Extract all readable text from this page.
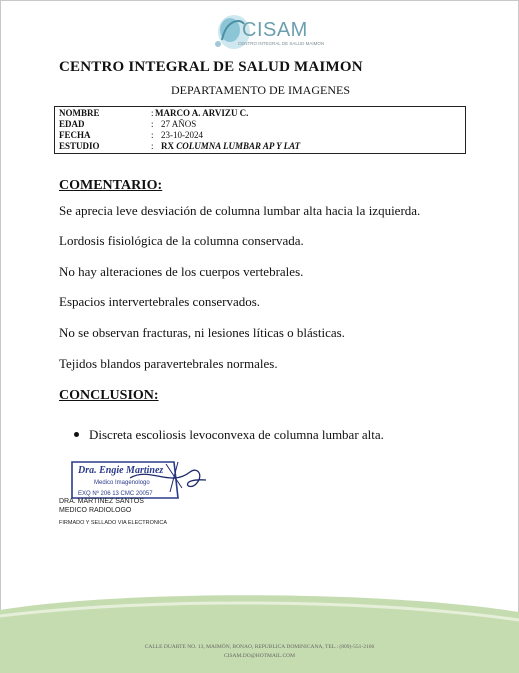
CISAM
CENTRO INTEGRAL DE SALUD MAIMON
CENTRO INTEGRAL DE SALUD MAIMON
DEPARTAMENTO DE IMAGENES
NOMBRE	: MARCO A. ARVIZU C.
EDAD	: 27 AÑOS
FECHA	: 23-10-2024
ESTUDIO	: RX COLUMNA LUMBAR AP Y LAT
COMENTARIO:
Se aprecia leve desviación de columna lumbar alta hacia la izquierda.
Lordosis fisiológica de la columna conservada.
No hay alteraciones de los cuerpos vertebrales.
Espacios intervertebrales conservados.
No se observan fracturas, ni lesiones líticas o blásticas.
Tejidos blandos paravertebrales normales.
CONCLUSION:
Discreta escoliosis levoconvexa de columna lumbar alta.
Dra. Engie Martinez
Medico Imagenologo
EXQ Nº 206 13 CMC 20057
DRA. MARTINEZ SANTOS
MEDICO RADIOLOGO
FIRMADO Y SELLADO VIA ELECTRONICA
CALLE DUARTE NO. 13, MAIMÓN, BONAO, REPUBLICA DOMINICANA, TEL.: (809)-551-2106
CISAM.DO@HOTMAIL.COM
